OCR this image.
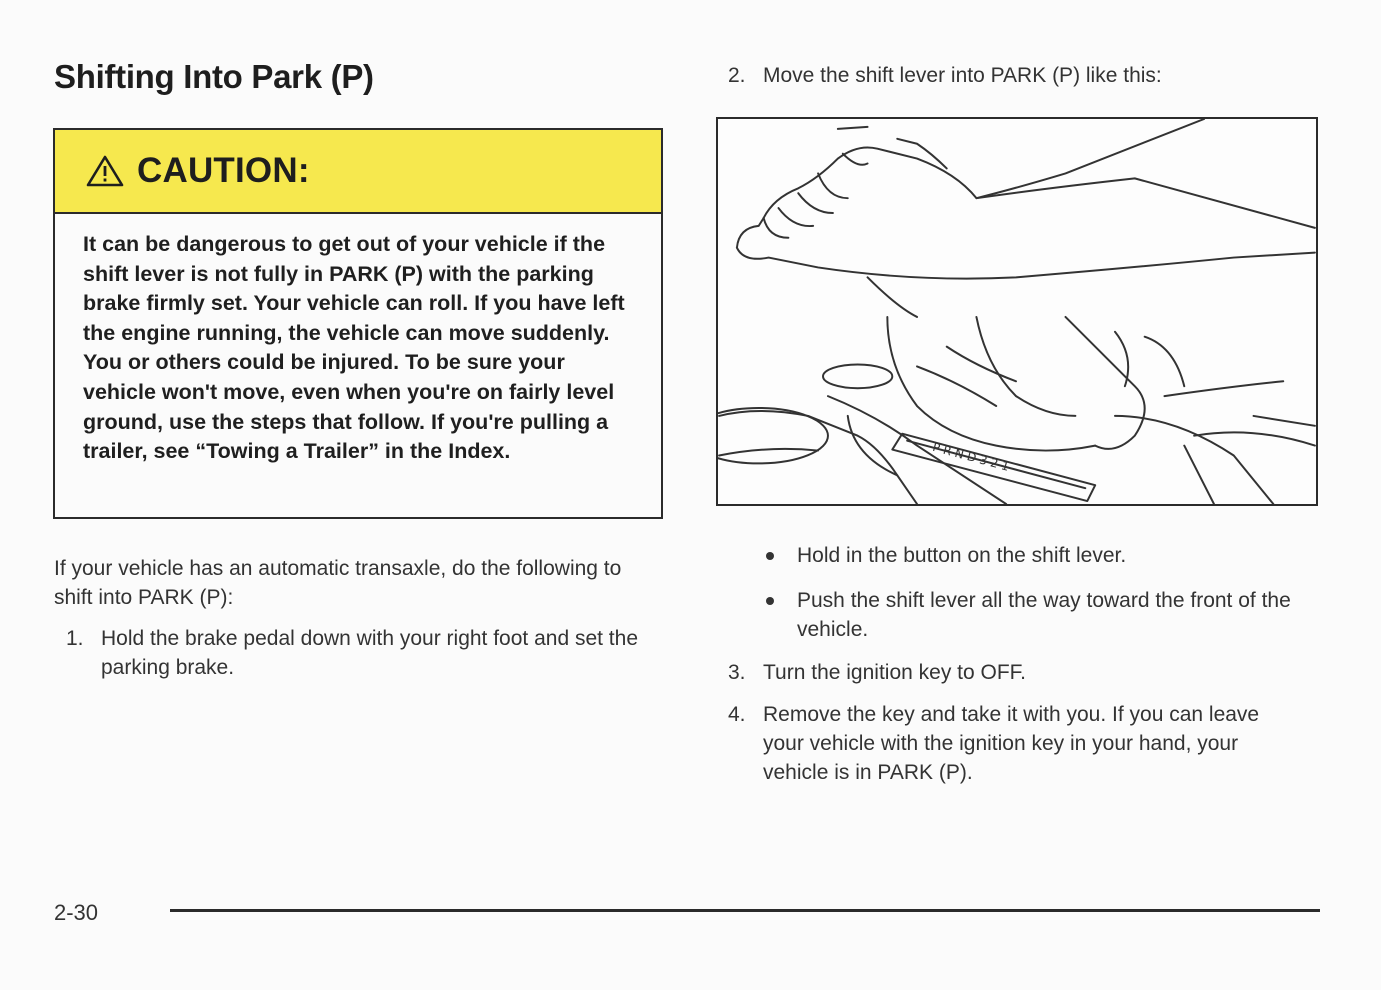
Shifting Into Park (P)
CAUTION:

It can be dangerous to get out of your vehicle if the shift lever is not fully in PARK (P) with the parking brake firmly set. Your vehicle can roll. If you have left the engine running, the vehicle can move suddenly. You or others could be injured. To be sure your vehicle won't move, even when you're on fairly level ground, use the steps that follow. If you're pulling a trailer, see “Towing a Trailer” in the Index.

If your vehicle has an automatic transaxle, do the following to shift into PARK (P):

1. Hold the brake pedal down with your right foot and set the parking brake.
2. Move the shift lever into PARK (P) like this:
P R N D 3 2 1
Hold in the button on the shift lever.
Push the shift lever all the way toward the front of the vehicle.
3. Turn the ignition key to OFF.
4. Remove the key and take it with you. If you can leave your vehicle with the ignition key in your hand, your vehicle is in PARK (P).
2-30
